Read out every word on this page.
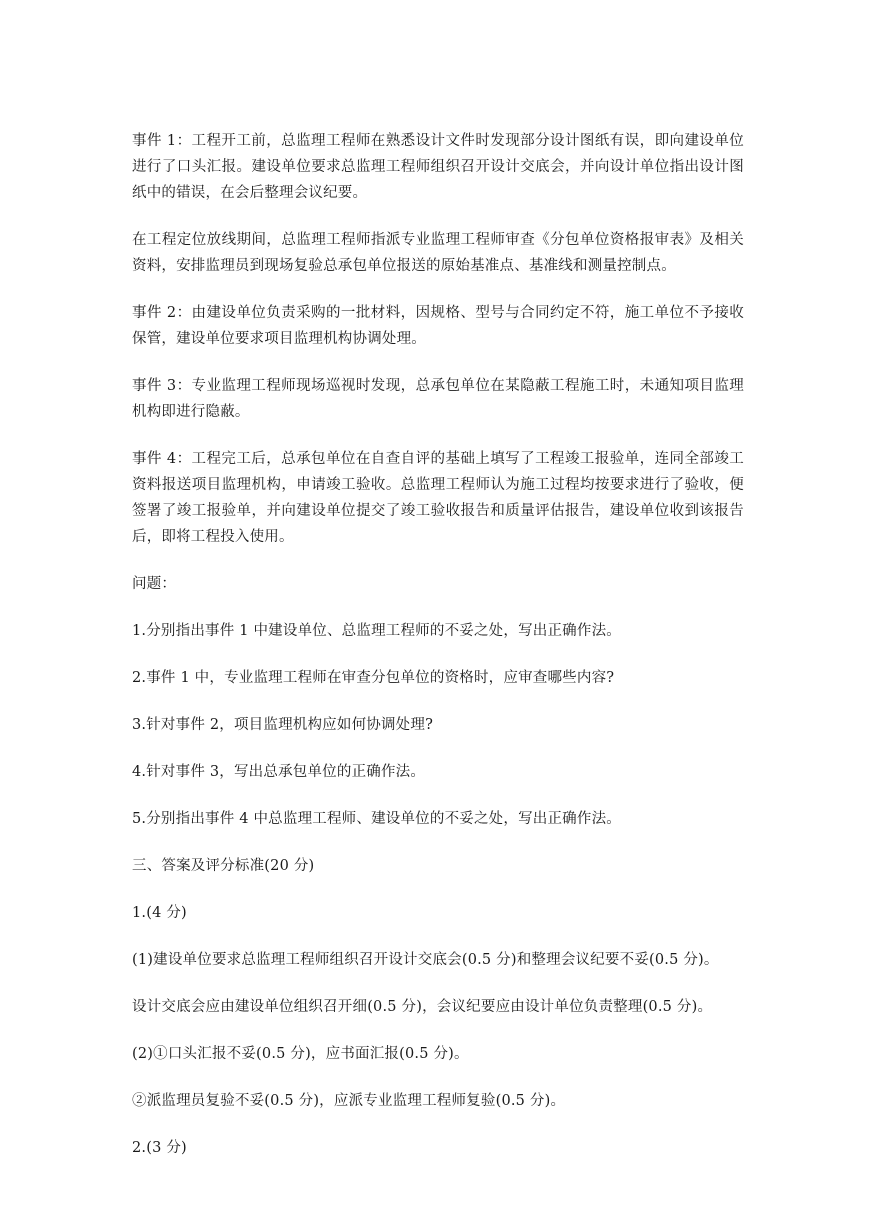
事件 1：工程开工前，总监理工程师在熟悉设计文件时发现部分设计图纸有误，即向建设单位进行了口头汇报。建设单位要求总监理工程师组织召开设计交底会，并向设计单位指出设计图纸中的错误，在会后整理会议纪要。

在工程定位放线期间，总监理工程师指派专业监理工程师审查《分包单位资格报审表》及相关资料，安排监理员到现场复验总承包单位报送的原始基准点、基准线和测量控制点。

事件 2：由建设单位负责采购的一批材料，因规格、型号与合同约定不符，施工单位不予接收保管，建设单位要求项目监理机构协调处理。

事件 3：专业监理工程师现场巡视时发现，总承包单位在某隐蔽工程施工时，未通知项目监理机构即进行隐蔽。

事件 4：工程完工后，总承包单位在自查自评的基础上填写了工程竣工报验单，连同全部竣工资料报送项目监理机构，申请竣工验收。总监理工程师认为施工过程均按要求进行了验收，便签署了竣工报验单，并向建设单位提交了竣工验收报告和质量评估报告，建设单位收到该报告后，即将工程投入使用。

问题：

1.分别指出事件 1 中建设单位、总监理工程师的不妥之处，写出正确作法。

2.事件 1 中，专业监理工程师在审查分包单位的资格时，应审查哪些内容?

3.针对事件 2，项目监理机构应如何协调处理?

4.针对事件 3，写出总承包单位的正确作法。

5.分别指出事件 4 中总监理工程师、建设单位的不妥之处，写出正确作法。

三、答案及评分标准(20 分)

1.(4 分)

(1)建设单位要求总监理工程师组织召开设计交底会(0.5 分)和整理会议纪要不妥(0.5 分)。

设计交底会应由建设单位组织召开细(0.5 分)，会议纪要应由设计单位负责整理(0.5 分)。

(2)①口头汇报不妥(0.5 分)，应书面汇报(0.5 分)。

②派监理员复验不妥(0.5 分)，应派专业监理工程师复验(0.5 分)。

2.(3 分)
